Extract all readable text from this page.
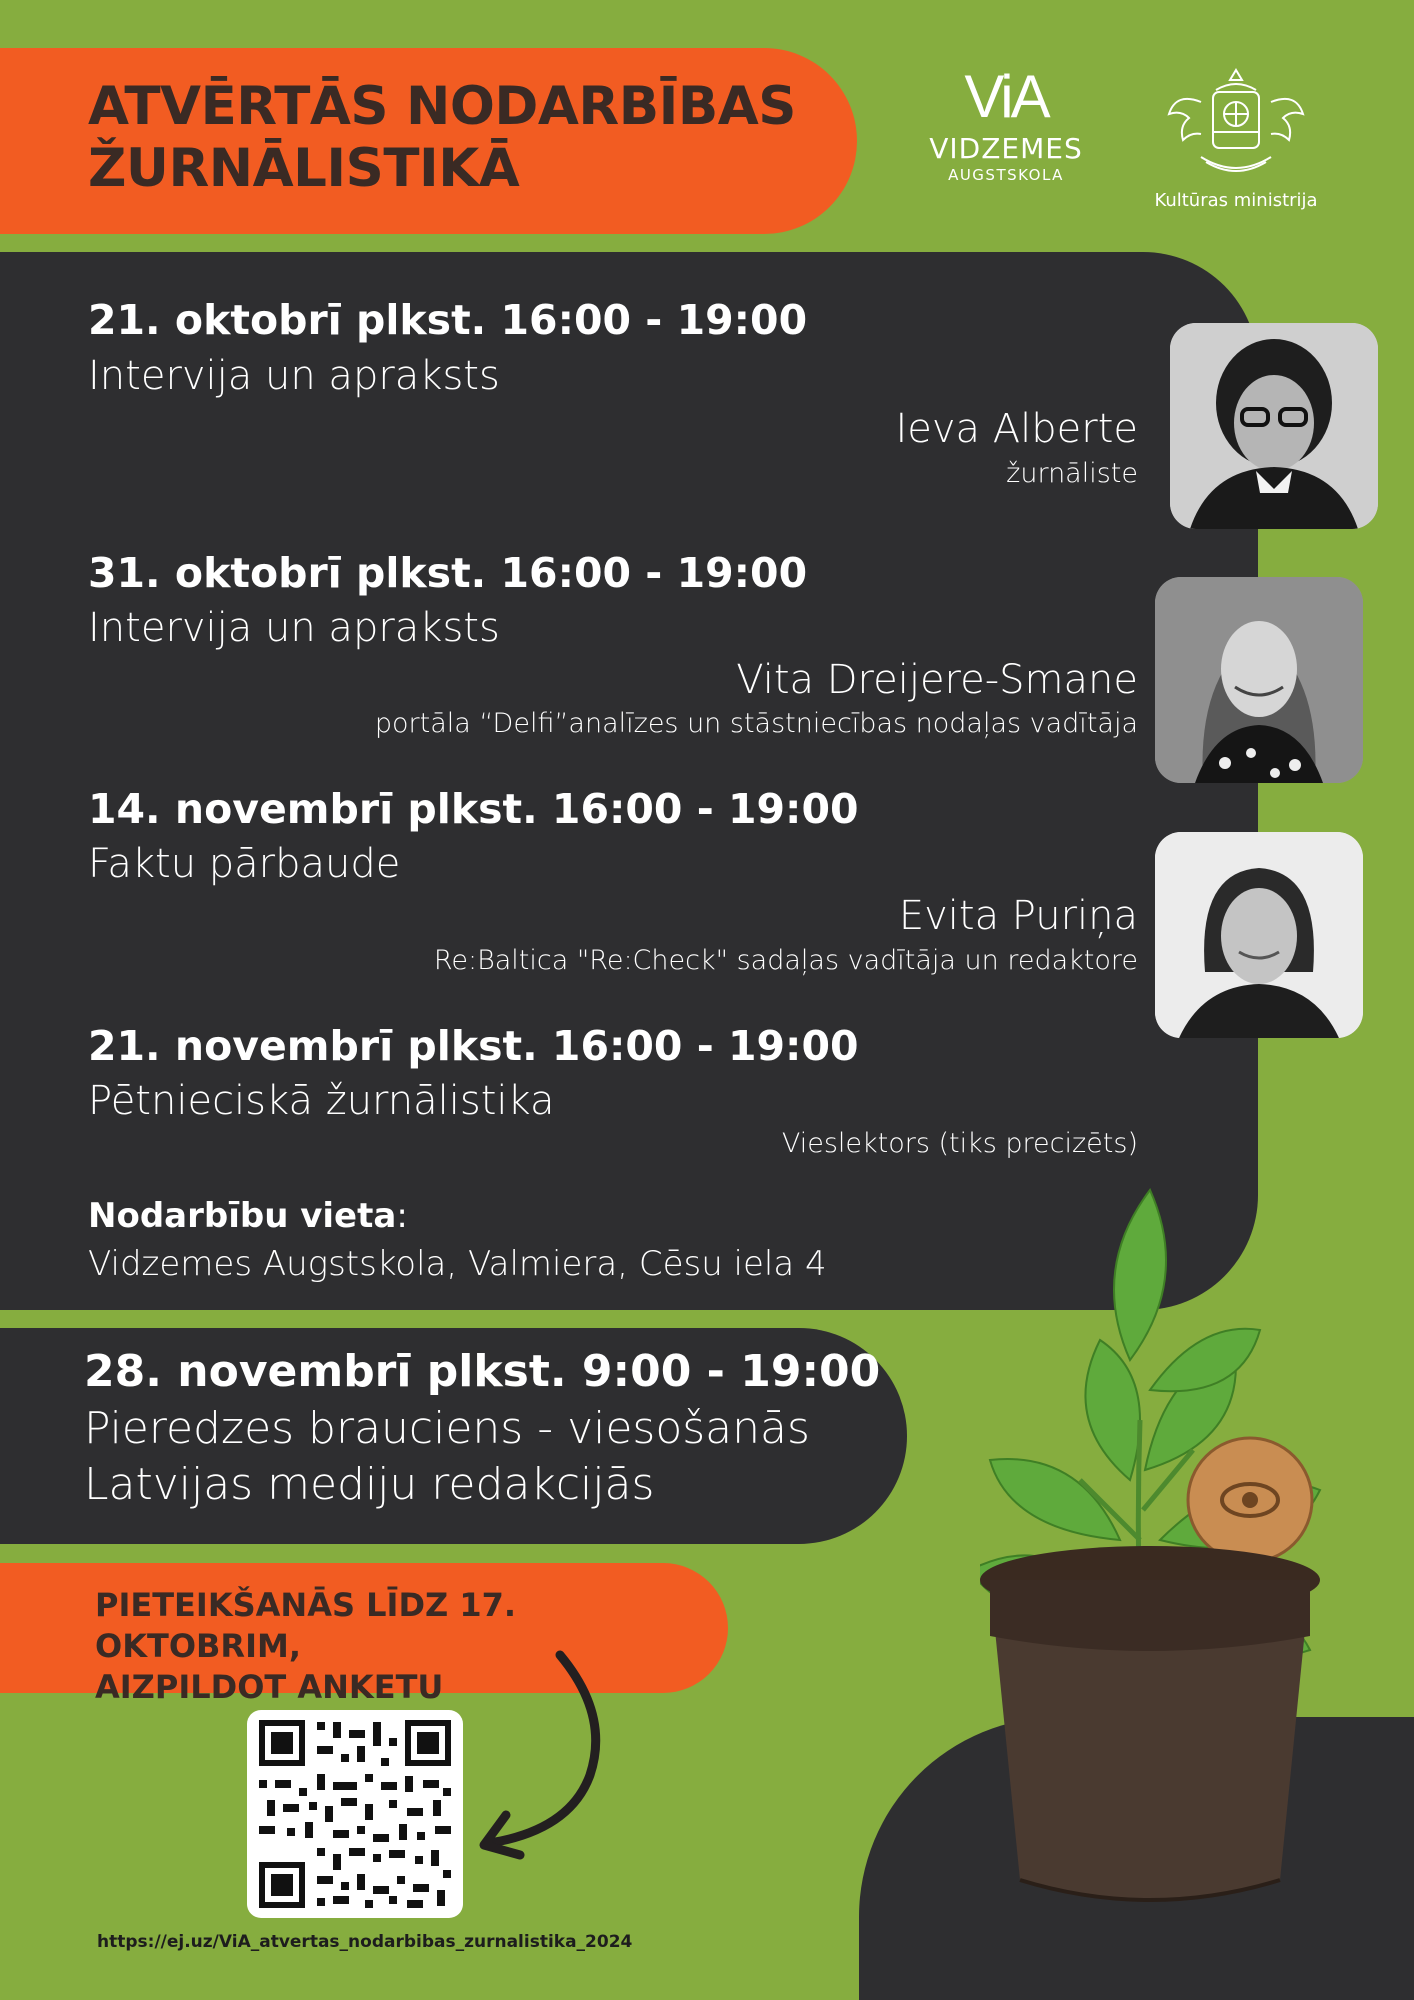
ATVĒRTĀS NODARBĪBAS
ŽURNĀLISTIKĀ
ViA
VIDZEMES
AUGSTSKOLA
Kultūras ministrija
21. oktobrī plkst. 16:00 - 19:00
Intervija un apraksts
Ieva Alberte
žurnāliste
31. oktobrī plkst. 16:00 - 19:00
Intervija un apraksts
Vita Dreijere-Smane
portāla “Delfi”analīzes un stāstniecības nodaļas vadītāja
14. novembrī plkst. 16:00 - 19:00
Faktu pārbaude
Evita Puriņa
Re:Baltica "Re:Check" sadaļas vadītāja un redaktore
21. novembrī plkst. 16:00 - 19:00
Pētnieciskā žurnālistika
Vieslektors (tiks precizēts)
Nodarbību vieta:
Vidzemes Augstskola, Valmiera, Cēsu iela 4
28. novembrī plkst. 9:00 - 19:00
Pieredzes brauciens - viesošanās
Latvijas mediju redakcijās
PIETEIKŠANĀS LĪDZ 17. OKTOBRIM,
AIZPILDOT ANKETU
https://ej.uz/ViA_atvertas_nodarbibas_zurnalistika_2024
